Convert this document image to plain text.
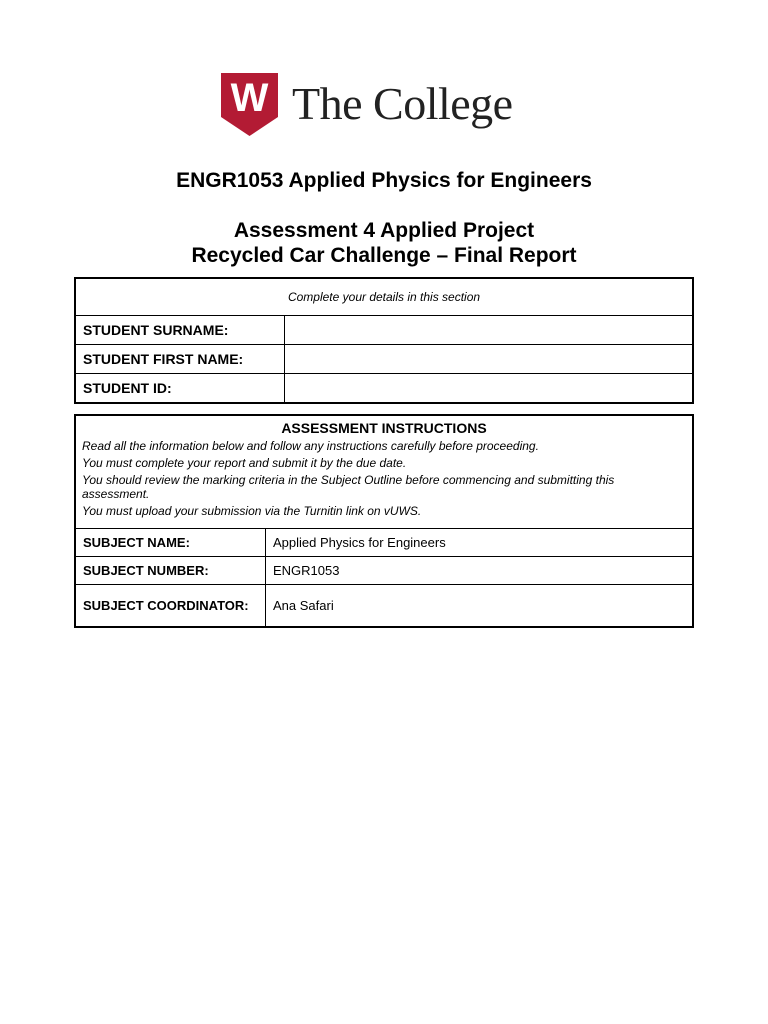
W The College
ENGR1053 Applied Physics for Engineers
Assessment 4 Applied Project
Recycled Car Challenge – Final Report
Complete your details in this section	
STUDENT SURNAME:	
STUDENT FIRST NAME:	
STUDENT ID:	
ASSESSMENT INSTRUCTIONS
Read all the information below and follow any instructions carefully before proceeding.
You must complete your report and submit it by the due date.
You should review the marking criteria in the Subject Outline before commencing and submitting this assessment.
You must upload your submission via the Turnitin link on vUWS.	

SUBJECT NAME:	Applied Physics for Engineers
SUBJECT NUMBER:	ENGR1053
SUBJECT COORDINATOR:	Ana Safari
